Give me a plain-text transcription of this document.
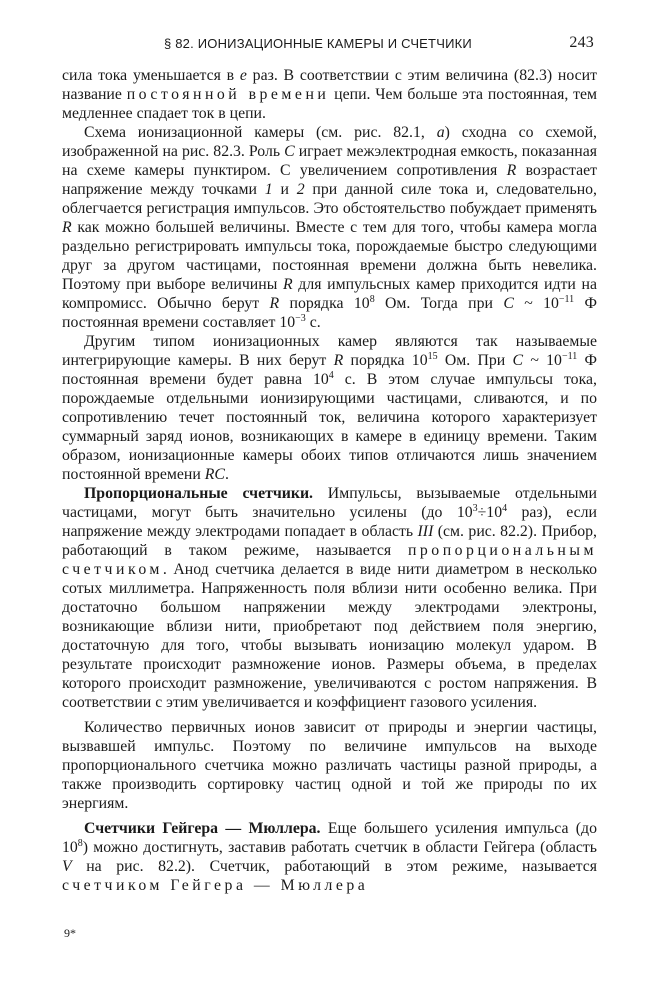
§ 82. ИОНИЗАЦИОННЫЕ КАМЕРЫ И СЧЕТЧИКИ	243

сила тока уменьшается в e раз. В соответствии с этим величина (82.3) носит название постоянной времени цепи. Чем больше эта постоянная, тем медленнее спадает ток в цепи.

Схема ионизационной камеры (см. рис. 82.1, а) сходна со схемой, изображенной на рис. 82.3. Роль C играет межэлектродная емкость, показанная на схеме камеры пунктиром. С увеличением сопротивления R возрастает напряжение между точками 1 и 2 при данной силе тока и, следовательно, облегчается регистрация импульсов. Это обстоятельство побуждает применять R как можно большей величины. Вместе с тем для того, чтобы камера могла раздельно регистрировать импульсы тока, порождаемые быстро следующими друг за другом частицами, постоянная времени должна быть невелика. Поэтому при выборе величины R для импульсных камер приходится идти на компромисс. Обычно берут R порядка $10^8$ Ом. Тогда при C ~ $10^{-11}$ Ф постоянная времени составляет $10^{-3}$ с.

Другим типом ионизационных камер являются так называемые интегрирующие камеры. В них берут R порядка $10^{15}$ Ом. При C ~ $10^{-11}$ Ф постоянная времени будет равна $10^4$ с. В этом случае импульсы тока, порождаемые отдельными ионизирующими частицами, сливаются, и по сопротивлению течет постоянный ток, величина которого характеризует суммарный заряд ионов, возникающих в камере в единицу времени. Таким образом, ионизационные камеры обоих типов отличаются лишь значением постоянной времени RC.

Пропорциональные счетчики. Импульсы, вызываемые отдельными частицами, могут быть значительно усилены (до $10^3\div 10^4$ раз), если напряжение между электродами попадает в область III (см. рис. 82.2). Прибор, работающий в таком режиме, называется пропорциональным счетчиком. Анод счетчика делается в виде нити диаметром в несколько сотых миллиметра. Напряженность поля вблизи нити особенно велика. При достаточно большом напряжении между электродами электроны, возникающие вблизи нити, приобретают под действием поля энергию, достаточную для того, чтобы вызывать ионизацию молекул ударом. В результате происходит размножение ионов. Размеры объема, в пределах которого происходит размножение, увеличиваются с ростом напряжения. В соответствии с этим увеличивается и коэффициент газового усиления.

Количество первичных ионов зависит от природы и энергии частицы, вызвавшей импульс. Поэтому по величине импульсов на выходе пропорционального счетчика можно различать частицы разной природы, а также производить сортировку частиц одной и той же природы по их энергиям.

Счетчики Гейгера — Мюллера. Еще большего усиления импульса (до $10^8$) можно достигнуть, заставив работать счетчик в области Гейгера (область V на рис. 82.2). Счетчик, работающий в этом режиме, называется счетчиком Гейгера — Мюллера

9*
